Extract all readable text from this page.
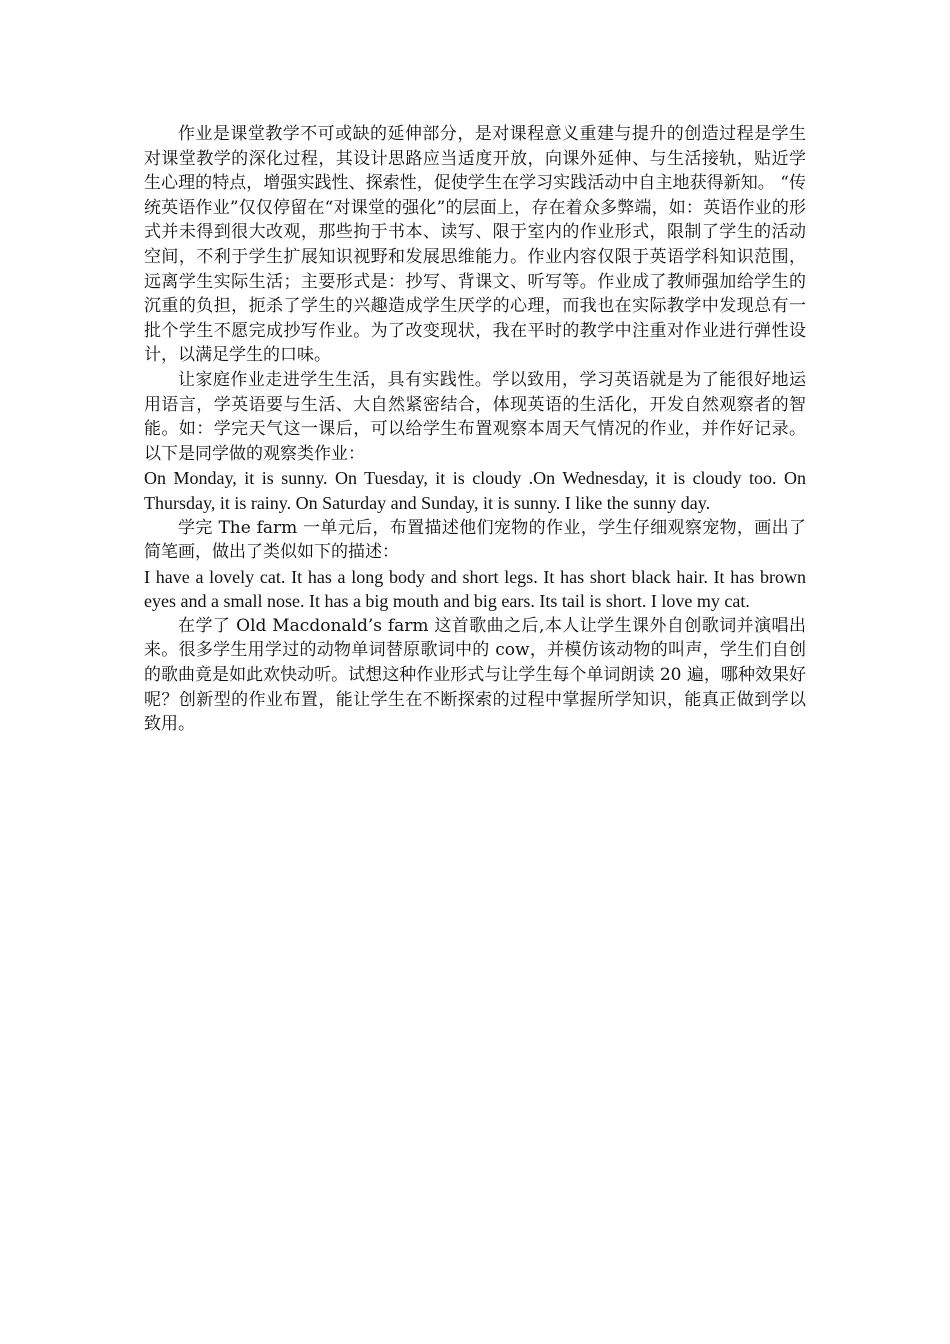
作业是课堂教学不可或缺的延伸部分，是对课程意义重建与提升的创造过程是学生对课堂教学的深化过程，其设计思路应当适度开放，向课外延伸、与生活接轨，贴近学生心理的特点，增强实践性、探索性，促使学生在学习实践活动中自主地获得新知。 “传统英语作业”仅仅停留在“对课堂的强化”的层面上，存在着众多弊端，如：英语作业的形式并未得到很大改观，那些拘于书本、读写、限于室内的作业形式，限制了学生的活动空间，不利于学生扩展知识视野和发展思维能力。作业内容仅限于英语学科知识范围，远离学生实际生活；主要形式是：抄写、背课文、听写等。作业成了教师强加给学生的沉重的负担，扼杀了学生的兴趣造成学生厌学的心理，而我也在实际教学中发现总有一批个学生不愿完成抄写作业。为了改变现状，我在平时的教学中注重对作业进行弹性设计，以满足学生的口味。

让家庭作业走进学生生活，具有实践性。学以致用，学习英语就是为了能很好地运用语言，学英语要与生活、大自然紧密结合，体现英语的生活化，开发自然观察者的智能。如：学完天气这一课后，可以给学生布置观察本周天气情况的作业，并作好记录。以下是同学做的观察类作业：

On Monday, it is sunny. On Tuesday, it is cloudy .On Wednesday, it is cloudy too. On Thursday, it is rainy. On Saturday and Sunday, it is sunny. I like the sunny day.

学完 The farm 一单元后，布置描述他们宠物的作业，学生仔细观察宠物，画出了简笔画，做出了类似如下的描述：

I have a lovely cat. It has a long body and short legs. It has short black hair. It has brown eyes and a small nose. It has a big mouth and big ears. Its tail is short. I love my cat.

在学了 Old Macdonald’s farm 这首歌曲之后,本人让学生课外自创歌词并演唱出来。很多学生用学过的动物单词替原歌词中的 cow，并模仿该动物的叫声，学生们自创的歌曲竟是如此欢快动听。试想这种作业形式与让学生每个单词朗读 20 遍，哪种效果好呢？创新型的作业布置，能让学生在不断探索的过程中掌握所学知识，能真正做到学以致用。
